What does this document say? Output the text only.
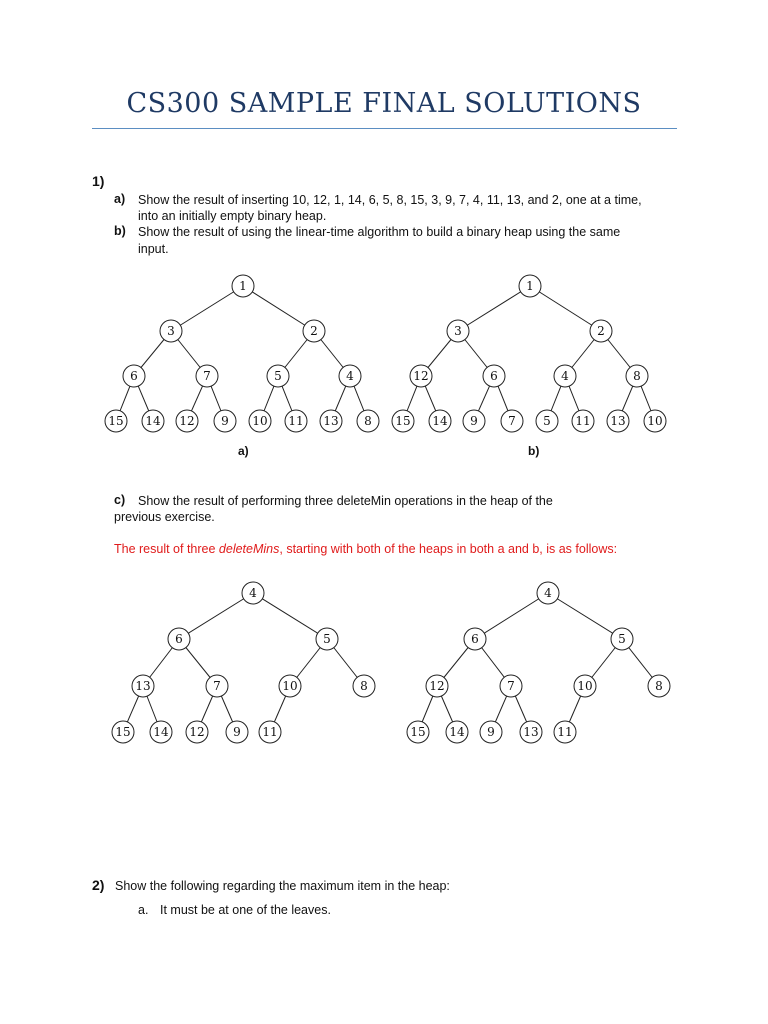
CS300 SAMPLE FINAL SOLUTIONS
1)
a) Show the result of inserting 10, 12, 1, 14, 6, 5, 8, 15, 3, 9, 7, 4, 11, 13, and 2, one at a time,
into an initially empty binary heap.
b) Show the result of using the linear-time algorithm to build a binary heap using the same
input.
1
3	2
6	7	5	4
15 14 12 9 10 11 13 8
1
3	2
12	6	4	8
15 14 9	7 5 11 13 10
a)	b)
c) Show the result of performing three deleteMin operations in the heap of the
previous exercise.
The result of three deleteMins, starting with both of the heaps in both a and b, is as follows:
4
6	5
13	7	10	8
15 14 12 9 11
4
6	5
12	7	10	8
15 14 9 13 11
2) Show the following regarding the maximum item in the heap:
a. It must be at one of the leaves.
